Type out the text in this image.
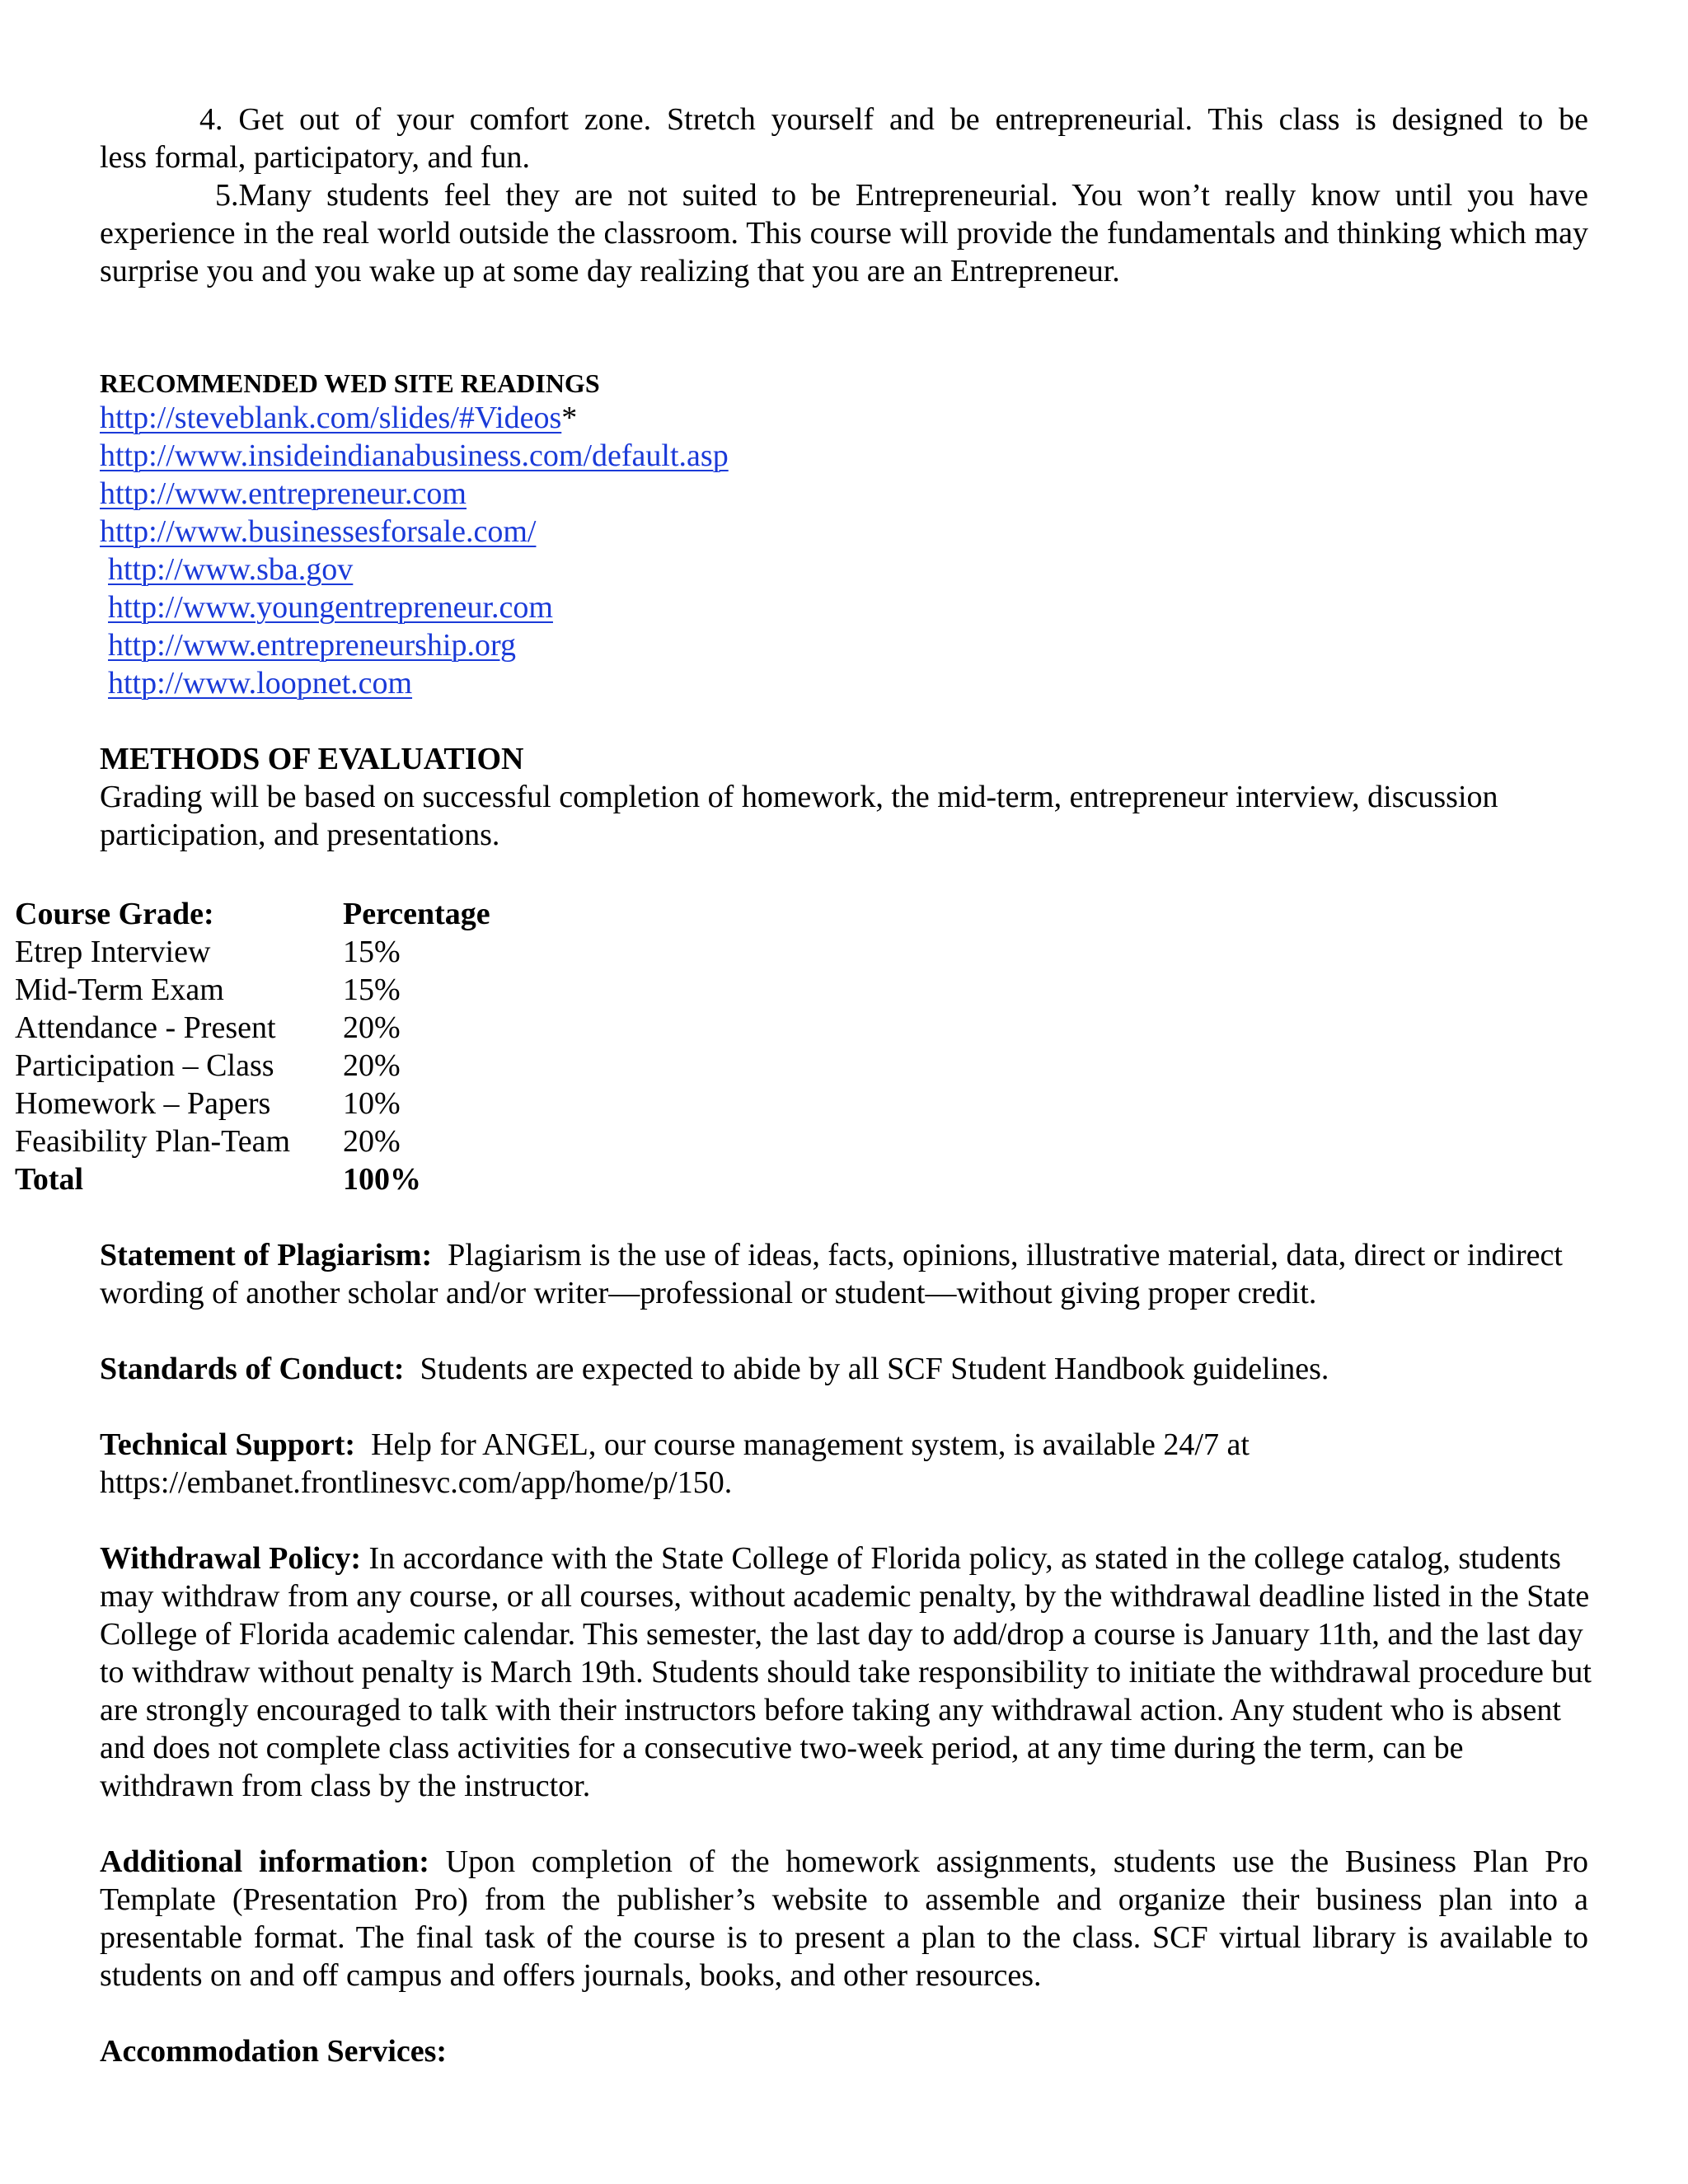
4. Get out of your comfort zone. Stretch yourself and be entrepreneurial. This class is designed to be
less formal, participatory, and fun.

5.Many students feel they are not suited to be Entrepreneurial. You won’t really know until you have experience in the real world outside the classroom. This course will provide the fundamentals and thinking which may surprise you and you wake up at some day realizing that you are an Entrepreneur.

RECOMMENDED WED SITE READINGS

http://steveblank.com/slides/#Videos*
http://www.insideindianabusiness.com/default.asp
http://www.entrepreneur.com
http://www.businessesforsale.com/
http://www.sba.gov
http://www.youngentrepreneur.com
http://www.entrepreneurship.org
http://www.loopnet.com

METHODS OF EVALUATION

Grading will be based on successful completion of homework, the mid-term, entrepreneur interview, discussion participation, and presentations.

Course Grade:	Percentage
Etrep Interview	15%
Mid-Term Exam	15%
Attendance - Present	20%
Participation – Class	20%
Homework – Papers	10%
Feasibility Plan-Team	20%
Total	100%

Statement of Plagiarism: Plagiarism is the use of ideas, facts, opinions, illustrative material, data, direct or indirect wording of another scholar and/or writer—professional or student—without giving proper credit.

Standards of Conduct: Students are expected to abide by all SCF Student Handbook guidelines.

Technical Support: Help for ANGEL, our course management system, is available 24/7 at
https://embanet.frontlinesvc.com/app/home/p/150.

Withdrawal Policy: In accordance with the State College of Florida policy, as stated in the college catalog, students may withdraw from any course, or all courses, without academic penalty, by the withdrawal deadline listed in the State College of Florida academic calendar. This semester, the last day to add/drop a course is January 11th, and the last day to withdraw without penalty is March 19th. Students should take responsibility to initiate the withdrawal procedure but are strongly encouraged to talk with their instructors before taking any withdrawal action. Any student who is absent and does not complete class activities for a consecutive two-week period, at any time during the term, can be withdrawn from class by the instructor.

Additional information: Upon completion of the homework assignments, students use the Business Plan Pro Template (Presentation Pro) from the publisher’s website to assemble and organize their business plan into a presentable format. The final task of the course is to present a plan to the class. SCF virtual library is available to students on and off campus and offers journals, books, and other resources.

Accommodation Services:
